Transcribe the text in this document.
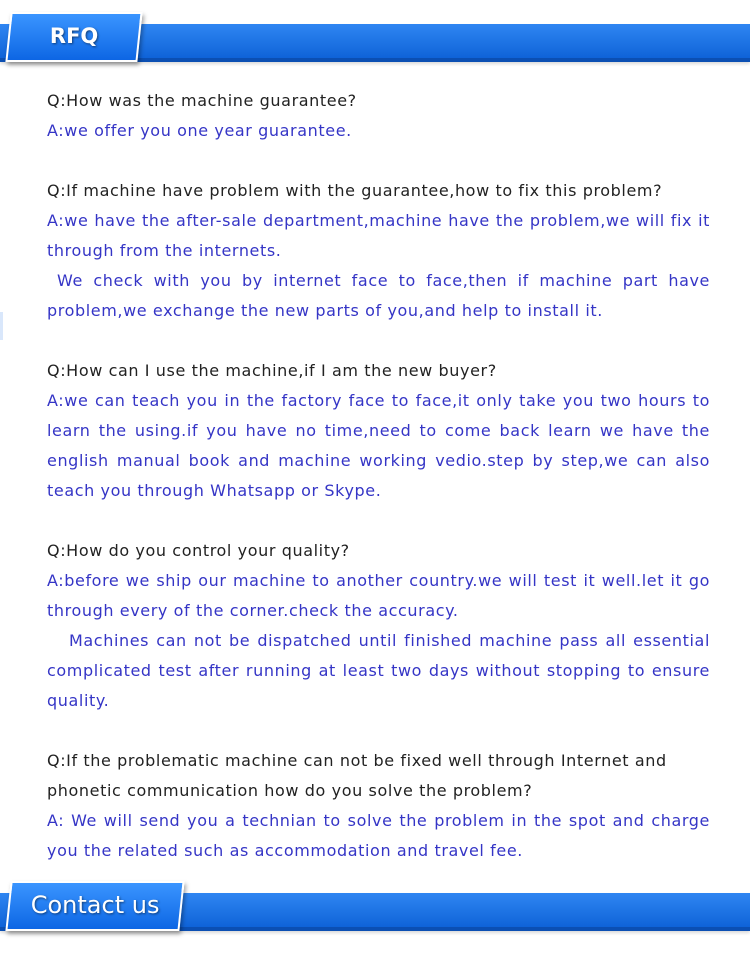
RFQ

Q:How was the machine guarantee?

A:we offer you one year guarantee.

Q:If machine have problem with the guarantee,how to fix this problem?

A:we have the after-sale department,machine have the problem,we will fix it through from the internets.

We check with you by internet face to face,then if machine part have problem,we exchange the new parts of you,and help to install it.

Q:How can I use the machine,if I am the new buyer?

A:we can teach you in the factory face to face,it only take you two hours to learn the using.if you have no time,need to come back learn we have the english manual book and machine working vedio.step by step,we can also teach you through Whatsapp or Skype.

Q:How do you control your quality?

A:before we ship our machine to another country.we will test it well.let it go through every of the corner.check the accuracy.

Machines can not be dispatched until finished machine pass all essential complicated test after running at least two days without stopping to ensure quality.

Q:If the problematic machine can not be fixed well through Internet and phonetic communication how do you solve the problem?

A: We will send you a technian to solve the problem in the spot and charge you the related such as accommodation and travel fee.

Contact us
